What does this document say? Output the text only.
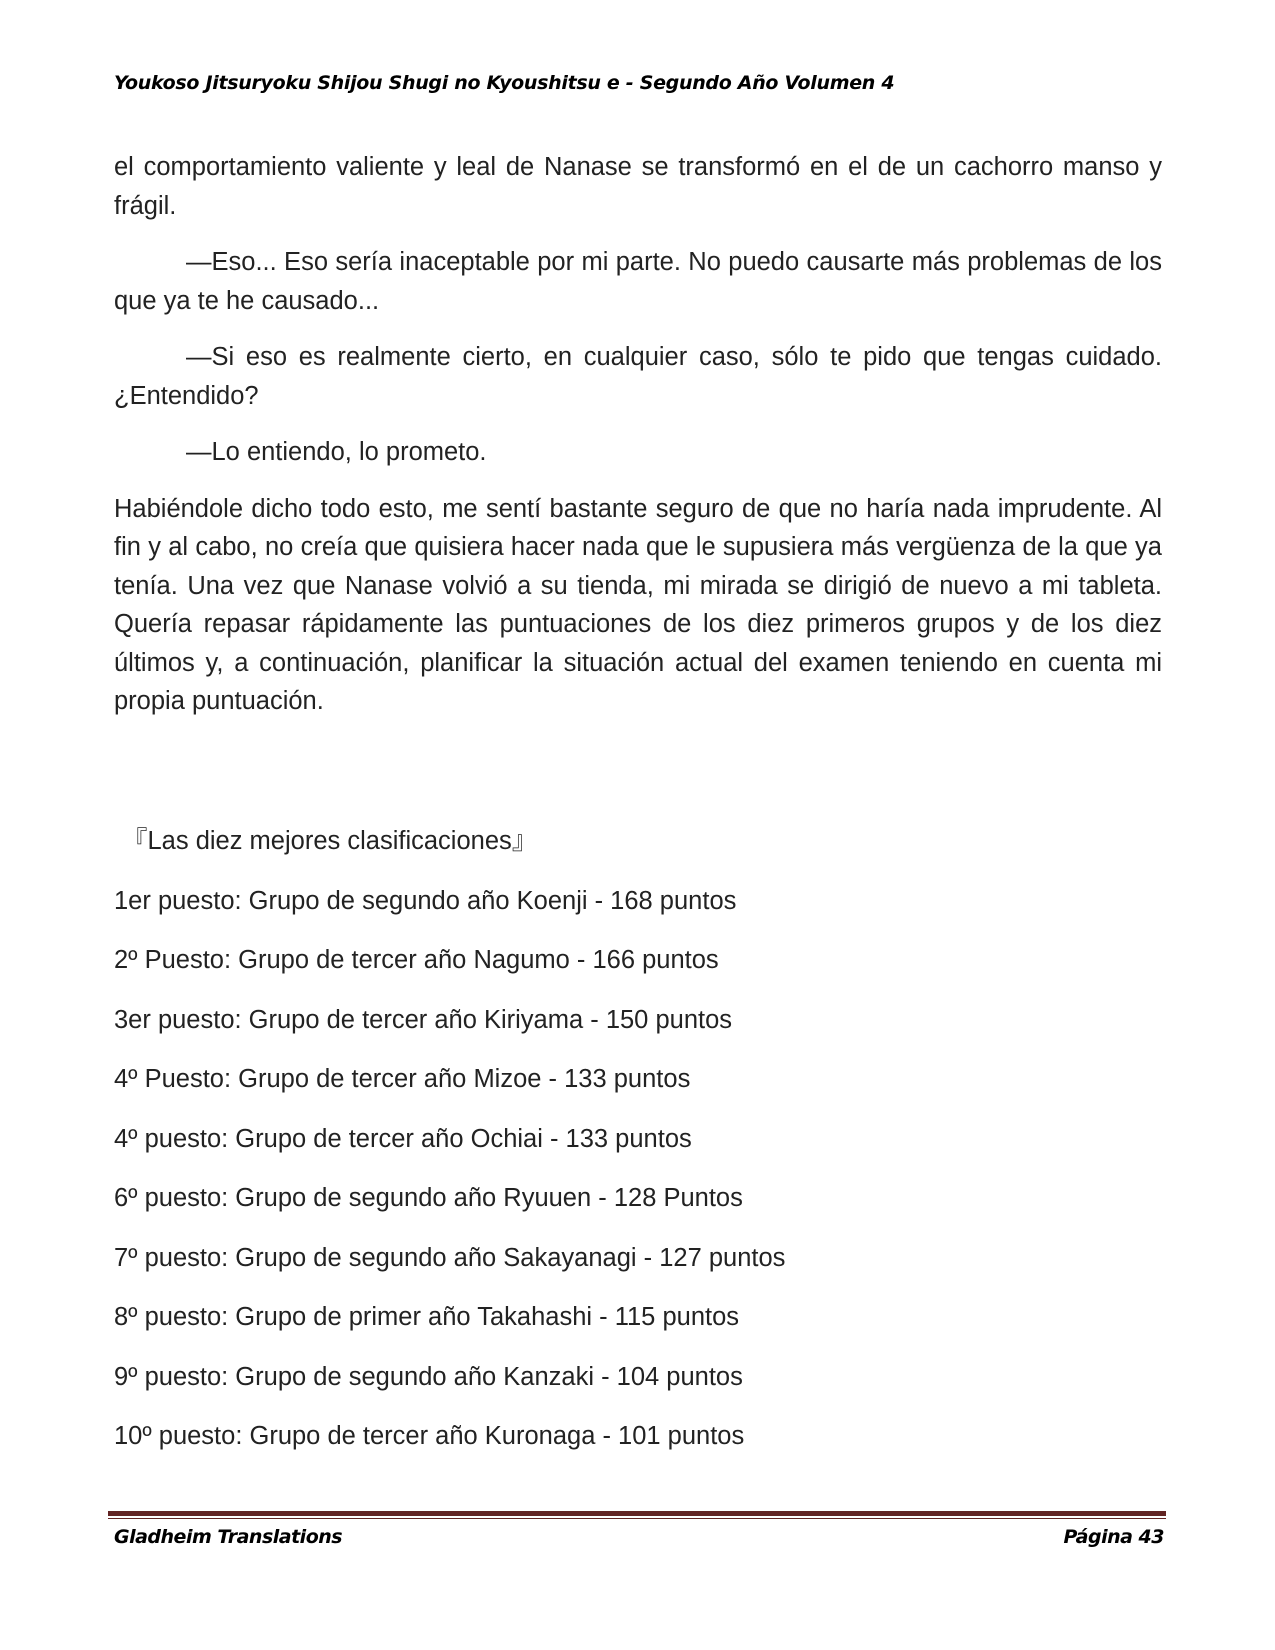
Youkoso Jitsuryoku Shijou Shugi no Kyoushitsu e - Segundo Año Volumen 4

el comportamiento valiente y leal de Nanase se transformó en el de un cachorro manso y frágil.

—Eso... Eso sería inaceptable por mi parte. No puedo causarte más problemas de los que ya te he causado...

—Si eso es realmente cierto, en cualquier caso, sólo te pido que tengas cuidado. ¿Entendido?

—Lo entiendo, lo prometo.

Habiéndole dicho todo esto, me sentí bastante seguro de que no haría nada imprudente. Al fin y al cabo, no creía que quisiera hacer nada que le supusiera más vergüenza de la que ya tenía. Una vez que Nanase volvió a su tienda, mi mirada se dirigió de nuevo a mi tableta. Quería repasar rápidamente las puntuaciones de los diez primeros grupos y de los diez últimos y, a continuación, planificar la situación actual del examen teniendo en cuenta mi propia puntuación.

『Las diez mejores clasificaciones』
1er puesto: Grupo de segundo año Koenji - 168 puntos
2º Puesto: Grupo de tercer año Nagumo - 166 puntos
3er puesto: Grupo de tercer año Kiriyama - 150 puntos
4º Puesto: Grupo de tercer año Mizoe - 133 puntos
4º puesto: Grupo de tercer año Ochiai - 133 puntos
6º puesto: Grupo de segundo año Ryuuen - 128 Puntos
7º puesto: Grupo de segundo año Sakayanagi - 127 puntos
8º puesto: Grupo de primer año Takahashi - 115 puntos
9º puesto: Grupo de segundo año Kanzaki - 104 puntos
10º puesto: Grupo de tercer año Kuronaga - 101 puntos
Gladheim Translations	Página 43
